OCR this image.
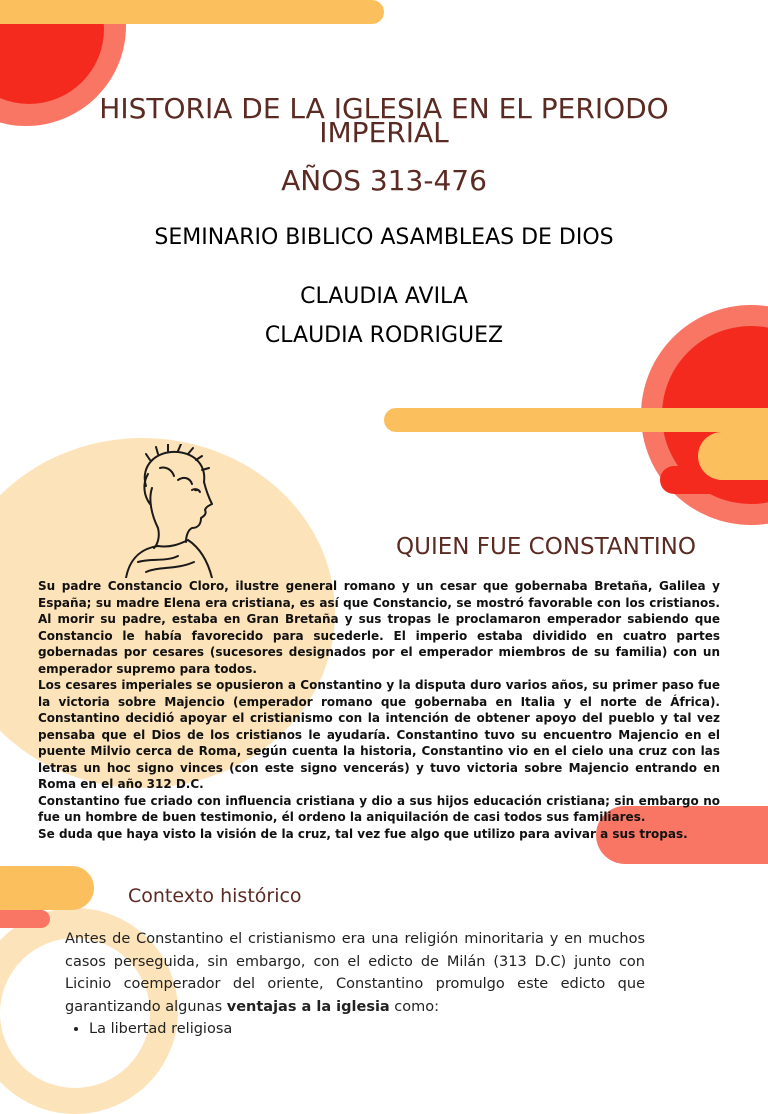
HISTORIA DE LA IGLESIA EN EL PERIODO
IMPERIAL
AÑOS 313-476
SEMINARIO BIBLICO ASAMBLEAS DE DIOS
CLAUDIA AVILA
CLAUDIA RODRIGUEZ
QUIEN FUE CONSTANTINO

Su padre Constancio Cloro, ilustre general romano y un cesar que gobernaba Bretaña, Galilea y España; su madre Elena era cristiana, es así que Constancio, se mostró favorable con los cristianos. Al morir su padre, estaba en Gran Bretaña y sus tropas le proclamaron emperador sabiendo que Constancio le había favorecido para sucederle. El imperio estaba dividido en cuatro partes gobernadas por cesares (sucesores designados por el emperador miembros de su familia) con un emperador supremo para todos.

Los cesares imperiales se opusieron a Constantino y la disputa duro varios años, su primer paso fue la victoria sobre Majencio (emperador romano que gobernaba en Italia y el norte de África). Constantino decidió apoyar el cristianismo con la intención de obtener apoyo del pueblo y tal vez pensaba que el Dios de los cristianos le ayudaría. Constantino tuvo su encuentro Majencio en el puente Milvio cerca de Roma, según cuenta la historia, Constantino vio en el cielo una cruz con las letras un hoc signo vinces (con este signo vencerás) y tuvo victoria sobre Majencio entrando en Roma en el año 312 D.C.

Constantino fue criado con influencia cristiana y dio a sus hijos educación cristiana; sin embargo no fue un hombre de buen testimonio, él ordeno la aniquilación de casi todos sus familiares.

Se duda que haya visto la visión de la cruz, tal vez fue algo que utilizo para avivar a sus tropas.

Contexto histórico

Antes de Constantino el cristianismo era una religión minoritaria y en muchos casos perseguida, sin embargo, con el edicto de Milán (313 D.C) junto con Licinio coemperador del oriente, Constantino promulgo este edicto que garantizando algunas ventajas a la iglesia como:

• La libertad religiosa
